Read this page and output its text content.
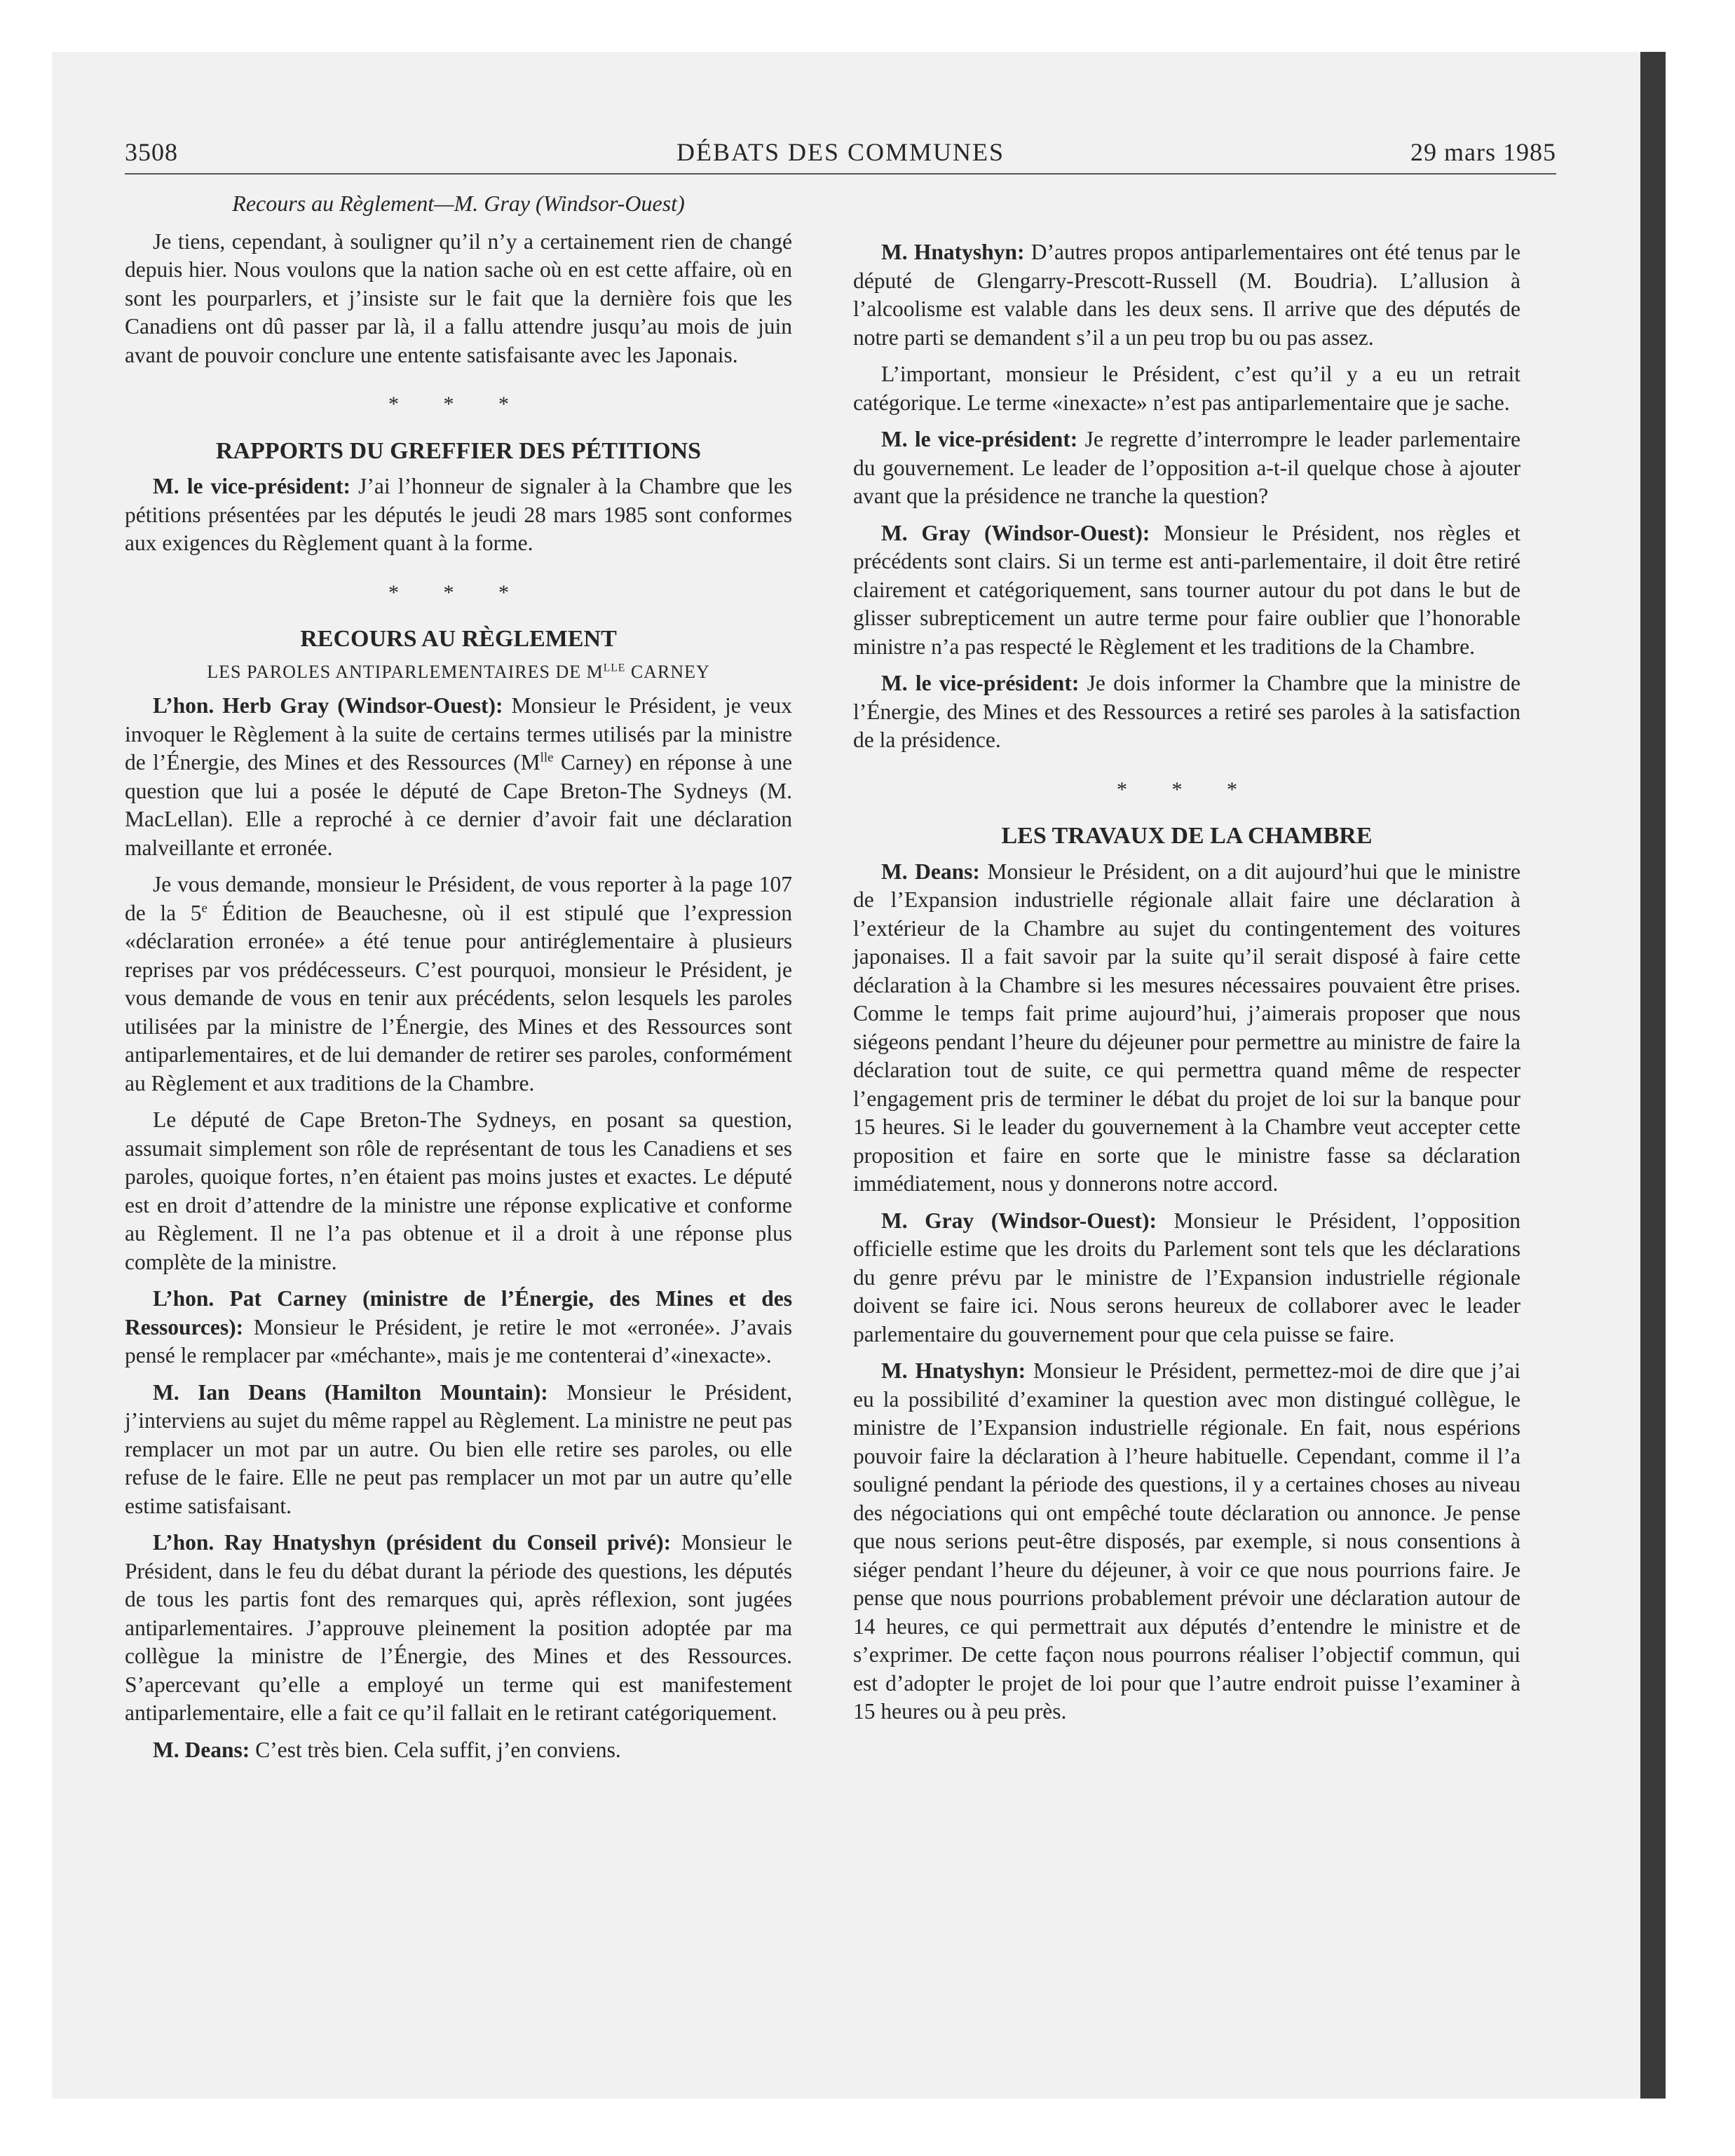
3508	DÉBATS DES COMMUNES	29 mars 1985
Recours au Règlement—M. Gray (Windsor-Ouest)

Je tiens, cependant, à souligner qu’il n’y a certainement rien de changé depuis hier. Nous voulons que la nation sache où en est cette affaire, où en sont les pourparlers, et j’insiste sur le fait que la dernière fois que les Canadiens ont dû passer par là, il a fallu attendre jusqu’au mois de juin avant de pouvoir conclure une entente satisfaisante avec les Japonais.

* * *
RAPPORTS DU GREFFIER DES PÉTITIONS

M. le vice-président: J’ai l’honneur de signaler à la Chambre que les pétitions présentées par les députés le jeudi 28 mars 1985 sont conformes aux exigences du Règlement quant à la forme.

* * *
RECOURS AU RÈGLEMENT
LES PAROLES ANTIPARLEMENTAIRES DE $M^{LLE}$ CARNEY

L’hon. Herb Gray (Windsor-Ouest): Monsieur le Président, je veux invoquer le Règlement à la suite de certains termes utilisés par la ministre de l’Énergie, des Mines et des Ressources ($M^{lle}$ Carney) en réponse à une question que lui a posée le député de Cape Breton-The Sydneys (M. MacLellan). Elle a reproché à ce dernier d’avoir fait une déclaration malveillante et erronée.

Je vous demande, monsieur le Président, de vous reporter à la page 107 de la 5e Édition de Beauchesne, où il est stipulé que l’expression «déclaration erronée» a été tenue pour antiréglementaire à plusieurs reprises par vos prédécesseurs. C’est pourquoi, monsieur le Président, je vous demande de vous en tenir aux précédents, selon lesquels les paroles utilisées par la ministre de l’Énergie, des Mines et des Ressources sont antiparlementaires, et de lui demander de retirer ses paroles, conformément au Règlement et aux traditions de la Chambre.

Le député de Cape Breton-The Sydneys, en posant sa question, assumait simplement son rôle de représentant de tous les Canadiens et ses paroles, quoique fortes, n’en étaient pas moins justes et exactes. Le député est en droit d’attendre de la ministre une réponse explicative et conforme au Règlement. Il ne l’a pas obtenue et il a droit à une réponse plus complète de la ministre.

L’hon. Pat Carney (ministre de l’Énergie, des Mines et des Ressources): Monsieur le Président, je retire le mot «erronée». J’avais pensé le remplacer par «méchante», mais je me contenterai d’«inexacte».

M. Ian Deans (Hamilton Mountain): Monsieur le Président, j’interviens au sujet du même rappel au Règlement. La ministre ne peut pas remplacer un mot par un autre. Ou bien elle retire ses paroles, ou elle refuse de le faire. Elle ne peut pas remplacer un mot par un autre qu’elle estime satisfaisant.

L’hon. Ray Hnatyshyn (président du Conseil privé): Monsieur le Président, dans le feu du débat durant la période des questions, les députés de tous les partis font des remarques qui, après réflexion, sont jugées antiparlementaires. J’approuve pleinement la position adoptée par ma collègue la ministre de l’Énergie, des Mines et des Ressources. S’apercevant qu’elle a employé un terme qui est manifestement antiparlementaire, elle a fait ce qu’il fallait en le retirant catégoriquement.

M. Deans: C’est très bien. Cela suffit, j’en conviens.

M. Hnatyshyn: D’autres propos antiparlementaires ont été tenus par le député de Glengarry-Prescott-Russell (M. Boudria). L’allusion à l’alcoolisme est valable dans les deux sens. Il arrive que des députés de notre parti se demandent s’il a un peu trop bu ou pas assez.

L’important, monsieur le Président, c’est qu’il y a eu un retrait catégorique. Le terme «inexacte» n’est pas antiparlementaire que je sache.

M. le vice-président: Je regrette d’interrompre le leader parlementaire du gouvernement. Le leader de l’opposition a-t-il quelque chose à ajouter avant que la présidence ne tranche la question?

M. Gray (Windsor-Ouest): Monsieur le Président, nos règles et précédents sont clairs. Si un terme est anti-parlementaire, il doit être retiré clairement et catégoriquement, sans tourner autour du pot dans le but de glisser subrepticement un autre terme pour faire oublier que l’honorable ministre n’a pas respecté le Règlement et les traditions de la Chambre.

M. le vice-président: Je dois informer la Chambre que la ministre de l’Énergie, des Mines et des Ressources a retiré ses paroles à la satisfaction de la présidence.

* * *
LES TRAVAUX DE LA CHAMBRE

M. Deans: Monsieur le Président, on a dit aujourd’hui que le ministre de l’Expansion industrielle régionale allait faire une déclaration à l’extérieur de la Chambre au sujet du contingentement des voitures japonaises. Il a fait savoir par la suite qu’il serait disposé à faire cette déclaration à la Chambre si les mesures nécessaires pouvaient être prises. Comme le temps fait prime aujourd’hui, j’aimerais proposer que nous siégeons pendant l’heure du déjeuner pour permettre au ministre de faire la déclaration tout de suite, ce qui permettra quand même de respecter l’engagement pris de terminer le débat du projet de loi sur la banque pour 15 heures. Si le leader du gouvernement à la Chambre veut accepter cette proposition et faire en sorte que le ministre fasse sa déclaration immédiatement, nous y donnerons notre accord.

M. Gray (Windsor-Ouest): Monsieur le Président, l’opposition officielle estime que les droits du Parlement sont tels que les déclarations du genre prévu par le ministre de l’Expansion industrielle régionale doivent se faire ici. Nous serons heureux de collaborer avec le leader parlementaire du gouvernement pour que cela puisse se faire.

M. Hnatyshyn: Monsieur le Président, permettez-moi de dire que j’ai eu la possibilité d’examiner la question avec mon distingué collègue, le ministre de l’Expansion industrielle régionale. En fait, nous espérions pouvoir faire la déclaration à l’heure habituelle. Cependant, comme il l’a souligné pendant la période des questions, il y a certaines choses au niveau des négociations qui ont empêché toute déclaration ou annonce. Je pense que nous serions peut-être disposés, par exemple, si nous consentions à siéger pendant l’heure du déjeuner, à voir ce que nous pourrions faire. Je pense que nous pourrions probablement prévoir une déclaration autour de 14 heures, ce qui permettrait aux députés d’entendre le ministre et de s’exprimer. De cette façon nous pourrons réaliser l’objectif commun, qui est d’adopter le projet de loi pour que l’autre endroit puisse l’examiner à 15 heures ou à peu près.
